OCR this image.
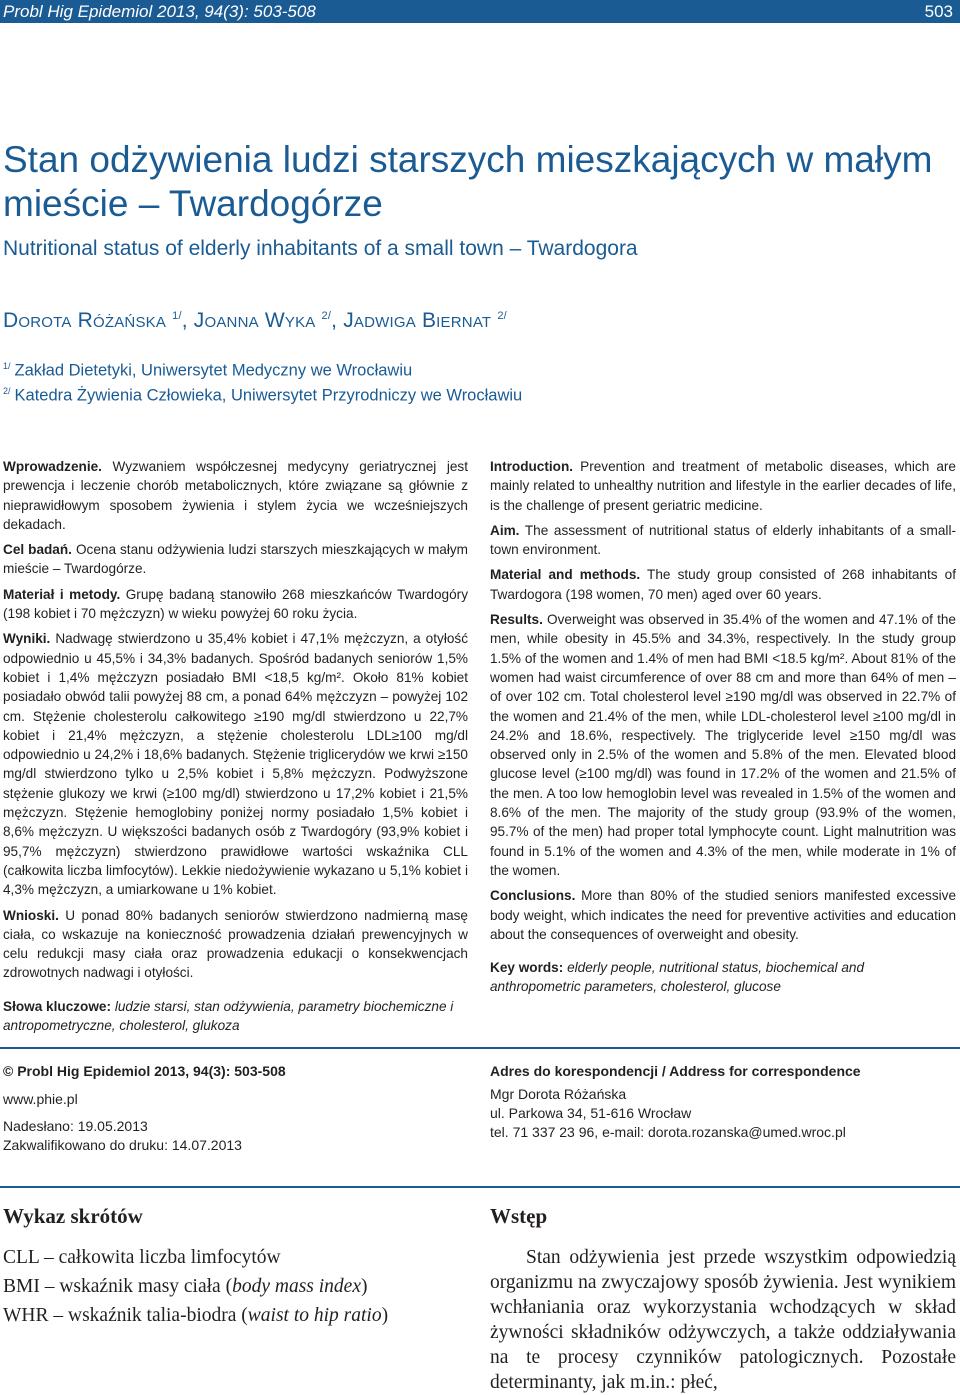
Probl Hig Epidemiol 2013, 94(3): 503-508	503
Stan odżywienia ludzi starszych mieszkających w małym mieście – Twardogórze
Nutritional status of elderly inhabitants of a small town – Twardogora
Dorota Różańska $^{1/}$, Joanna Wyka $^{2/}$, Jadwiga Biernat $^{2/}$
$^{1/}$ Zakład Dietetyki, Uniwersytet Medyczny we Wrocławiu
$^{2/}$ Katedra Żywienia Człowieka, Uniwersytet Przyrodniczy we Wrocławiu

Wprowadzenie. Wyzwaniem współczesnej medycyny geriatrycznej jest prewencja i leczenie chorób metabolicznych, które związane są głównie z nieprawidłowym sposobem żywienia i stylem życia we wcześniejszych dekadach.

Cel badań. Ocena stanu odżywienia ludzi starszych mieszkających w małym mieście – Twardogórze.

Materiał i metody. Grupę badaną stanowiło 268 mieszkańców Twardogóry (198 kobiet i 70 mężczyzn) w wieku powyżej 60 roku życia.

Wyniki. Nadwagę stwierdzono u 35,4% kobiet i 47,1% mężczyzn, a otyłość odpowiednio u 45,5% i 34,3% badanych. Spośród badanych seniorów 1,5% kobiet i 1,4% mężczyzn posiadało BMI <18,5 kg/m². Około 81% kobiet posiadało obwód talii powyżej 88 cm, a ponad 64% mężczyzn – powyżej 102 cm. Stężenie cholesterolu całkowitego ≥190 mg/dl stwierdzono u 22,7% kobiet i 21,4% mężczyzn, a stężenie cholesterolu LDL≥100 mg/dl odpowiednio u 24,2% i 18,6% badanych. Stężenie triglicerydów we krwi ≥150 mg/dl stwierdzono tylko u 2,5% kobiet i 5,8% mężczyzn. Podwyższone stężenie glukozy we krwi (≥100 mg/dl) stwierdzono u 17,2% kobiet i 21,5% mężczyzn. Stężenie hemoglobiny poniżej normy posiadało 1,5% kobiet i 8,6% mężczyzn. U większości badanych osób z Twardogóry (93,9% kobiet i 95,7% mężczyzn) stwierdzono prawidłowe wartości wskaźnika CLL (całkowita liczba limfocytów). Lekkie niedożywienie wykazano u 5,1% kobiet i 4,3% mężczyzn, a umiarkowane u 1% kobiet.

Wnioski. U ponad 80% badanych seniorów stwierdzono nadmierną masę ciała, co wskazuje na konieczność prowadzenia działań prewencyjnych w celu redukcji masy ciała oraz prowadzenia edukacji o konsekwencjach zdrowotnych nadwagi i otyłości.

Słowa kluczowe: ludzie starsi, stan odżywienia, parametry biochemiczne i antropometryczne, cholesterol, glukoza

Introduction. Prevention and treatment of metabolic diseases, which are mainly related to unhealthy nutrition and lifestyle in the earlier decades of life, is the challenge of present geriatric medicine.

Aim. The assessment of nutritional status of elderly inhabitants of a small-town environment.

Material and methods. The study group consisted of 268 inhabitants of Twardogora (198 women, 70 men) aged over 60 years.

Results. Overweight was observed in 35.4% of the women and 47.1% of the men, while obesity in 45.5% and 34.3%, respectively. In the study group 1.5% of the women and 1.4% of men had BMI <18.5 kg/m². About 81% of the women had waist circumference of over 88 cm and more than 64% of men – of over 102 cm. Total cholesterol level ≥190 mg/dl was observed in 22.7% of the women and 21.4% of the men, while LDL-cholesterol level ≥100 mg/dl in 24.2% and 18.6%, respectively. The triglyceride level ≥150 mg/dl was observed only in 2.5% of the women and 5.8% of the men. Elevated blood glucose level (≥100 mg/dl) was found in 17.2% of the women and 21.5% of the men. A too low hemoglobin level was revealed in 1.5% of the women and 8.6% of the men. The majority of the study group (93.9% of the women, 95.7% of the men) had proper total lymphocyte count. Light malnutrition was found in 5.1% of the women and 4.3% of the men, while moderate in 1% of the women.

Conclusions. More than 80% of the studied seniors manifested excessive body weight, which indicates the need for preventive activities and education about the consequences of overweight and obesity.

Key words: elderly people, nutritional status, biochemical and anthropometric parameters, cholesterol, glucose

© Probl Hig Epidemiol 2013, 94(3): 503-508
www.phie.pl
Nadesłano: 19.05.2013
Zakwalifikowano do druku: 14.07.2013
Adres do korespondencji / Address for correspondence
Mgr Dorota Różańska
ul. Parkowa 34, 51-616 Wrocław
tel. 71 337 23 96, e-mail: dorota.rozanska@umed.wroc.pl
Wykaz skrótów
CLL – całkowita liczba limfocytów
BMI – wskaźnik masy ciała (body mass index)
WHR – wskaźnik talia-biodra (waist to hip ratio)
Wstęp
Stan odżywienia jest przede wszystkim odpowiedzią organizmu na zwyczajowy sposób żywienia. Jest wynikiem wchłaniania oraz wykorzystania wchodzących w skład żywności składników odżywczych, a także oddziaływania na te procesy czynników patologicznych. Pozostałe determinanty, jak m.in.: płeć,
